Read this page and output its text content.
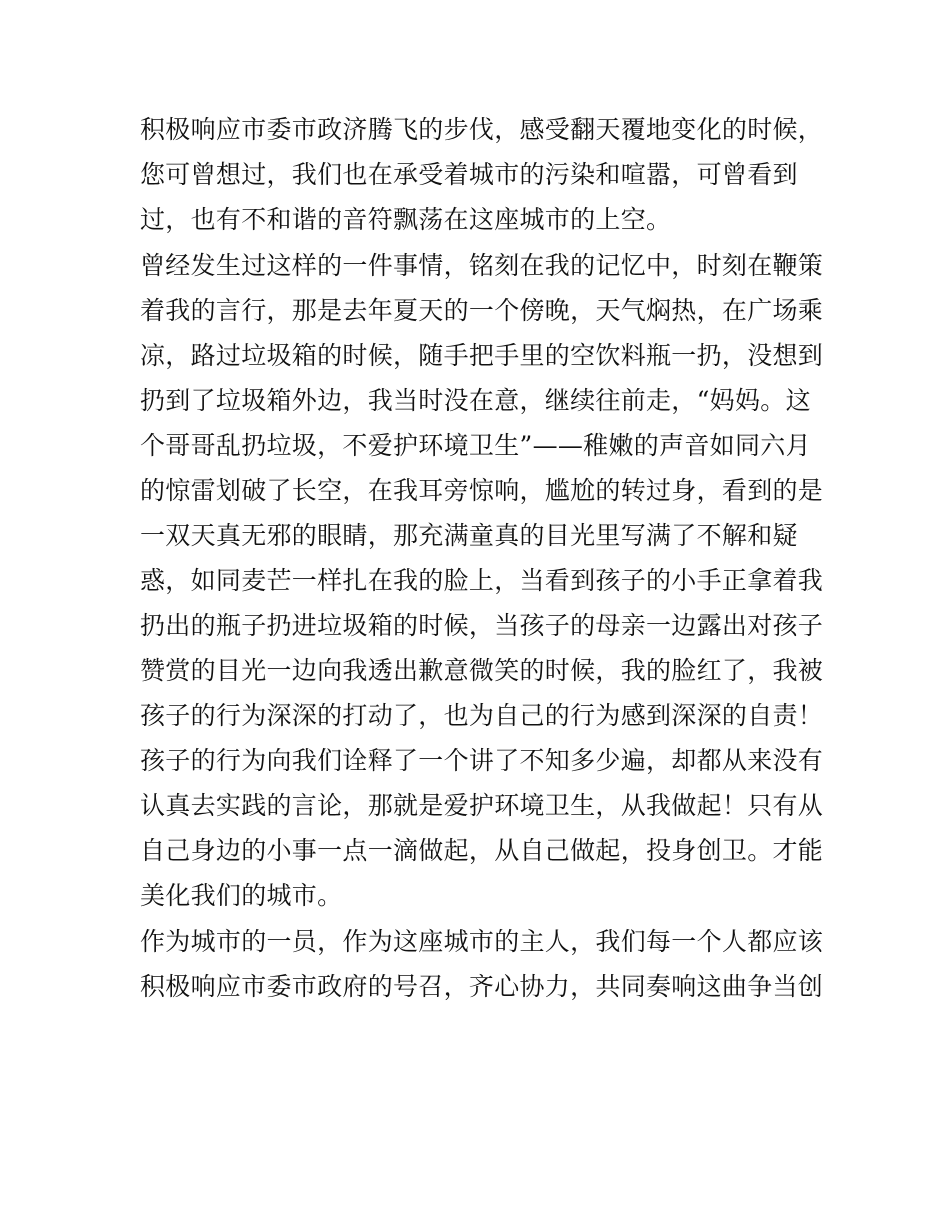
积极响应市委市政济腾飞的步伐，感受翻天覆地变化的时候，
您可曾想过，我们也在承受着城市的污染和喧嚣，可曾看到
过，也有不和谐的音符飘荡在这座城市的上空。
曾经发生过这样的一件事情，铭刻在我的记忆中，时刻在鞭策
着我的言行，那是去年夏天的一个傍晚，天气焖热，在广场乘
凉，路过垃圾箱的时候，随手把手里的空饮料瓶一扔，没想到
扔到了垃圾箱外边，我当时没在意，继续往前走，“妈妈。这
个哥哥乱扔垃圾，不爱护环境卫生”——稚嫩的声音如同六月
的惊雷划破了长空，在我耳旁惊响，尴尬的转过身，看到的是
一双天真无邪的眼睛，那充满童真的目光里写满了不解和疑
惑，如同麦芒一样扎在我的脸上，当看到孩子的小手正拿着我
扔出的瓶子扔进垃圾箱的时候，当孩子的母亲一边露出对孩子
赞赏的目光一边向我透出歉意微笑的时候，我的脸红了，我被
孩子的行为深深的打动了，也为自己的行为感到深深的自责！
孩子的行为向我们诠释了一个讲了不知多少遍，却都从来没有
认真去实践的言论，那就是爱护环境卫生，从我做起！只有从
自己身边的小事一点一滴做起，从自己做起，投身创卫。才能
美化我们的城市。
作为城市的一员，作为这座城市的主人，我们每一个人都应该
积极响应市委市政府的号召，齐心协力，共同奏响这曲争当创
